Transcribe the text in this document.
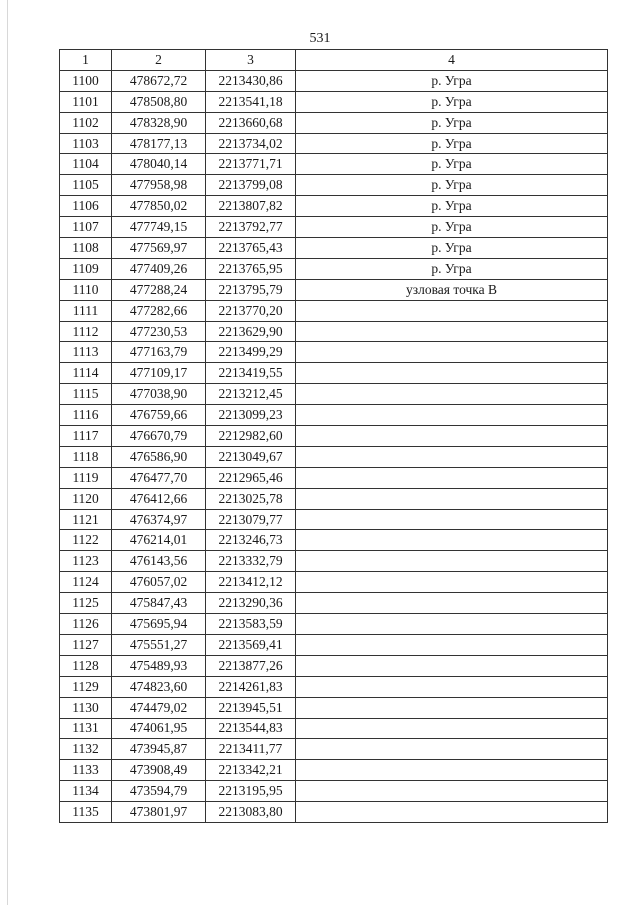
531
1	2	3	4
1100	478672,72	2213430,86	р. Угра
1101	478508,80	2213541,18	р. Угра
1102	478328,90	2213660,68	р. Угра
1103	478177,13	2213734,02	р. Угра
1104	478040,14	2213771,71	р. Угра
1105	477958,98	2213799,08	р. Угра
1106	477850,02	2213807,82	р. Угра
1107	477749,15	2213792,77	р. Угра
1108	477569,97	2213765,43	р. Угра
1109	477409,26	2213765,95	р. Угра
1110	477288,24	2213795,79	узловая точка В
1111	477282,66	2213770,20	
1112	477230,53	2213629,90	
1113	477163,79	2213499,29	
1114	477109,17	2213419,55	
1115	477038,90	2213212,45	
1116	476759,66	2213099,23	
1117	476670,79	2212982,60	
1118	476586,90	2213049,67	
1119	476477,70	2212965,46	
1120	476412,66	2213025,78	
1121	476374,97	2213079,77	
1122	476214,01	2213246,73	
1123	476143,56	2213332,79	
1124	476057,02	2213412,12	
1125	475847,43	2213290,36	
1126	475695,94	2213583,59	
1127	475551,27	2213569,41	
1128	475489,93	2213877,26	
1129	474823,60	2214261,83	
1130	474479,02	2213945,51	
1131	474061,95	2213544,83	
1132	473945,87	2213411,77	
1133	473908,49	2213342,21	
1134	473594,79	2213195,95	
1135	473801,97	2213083,80	
